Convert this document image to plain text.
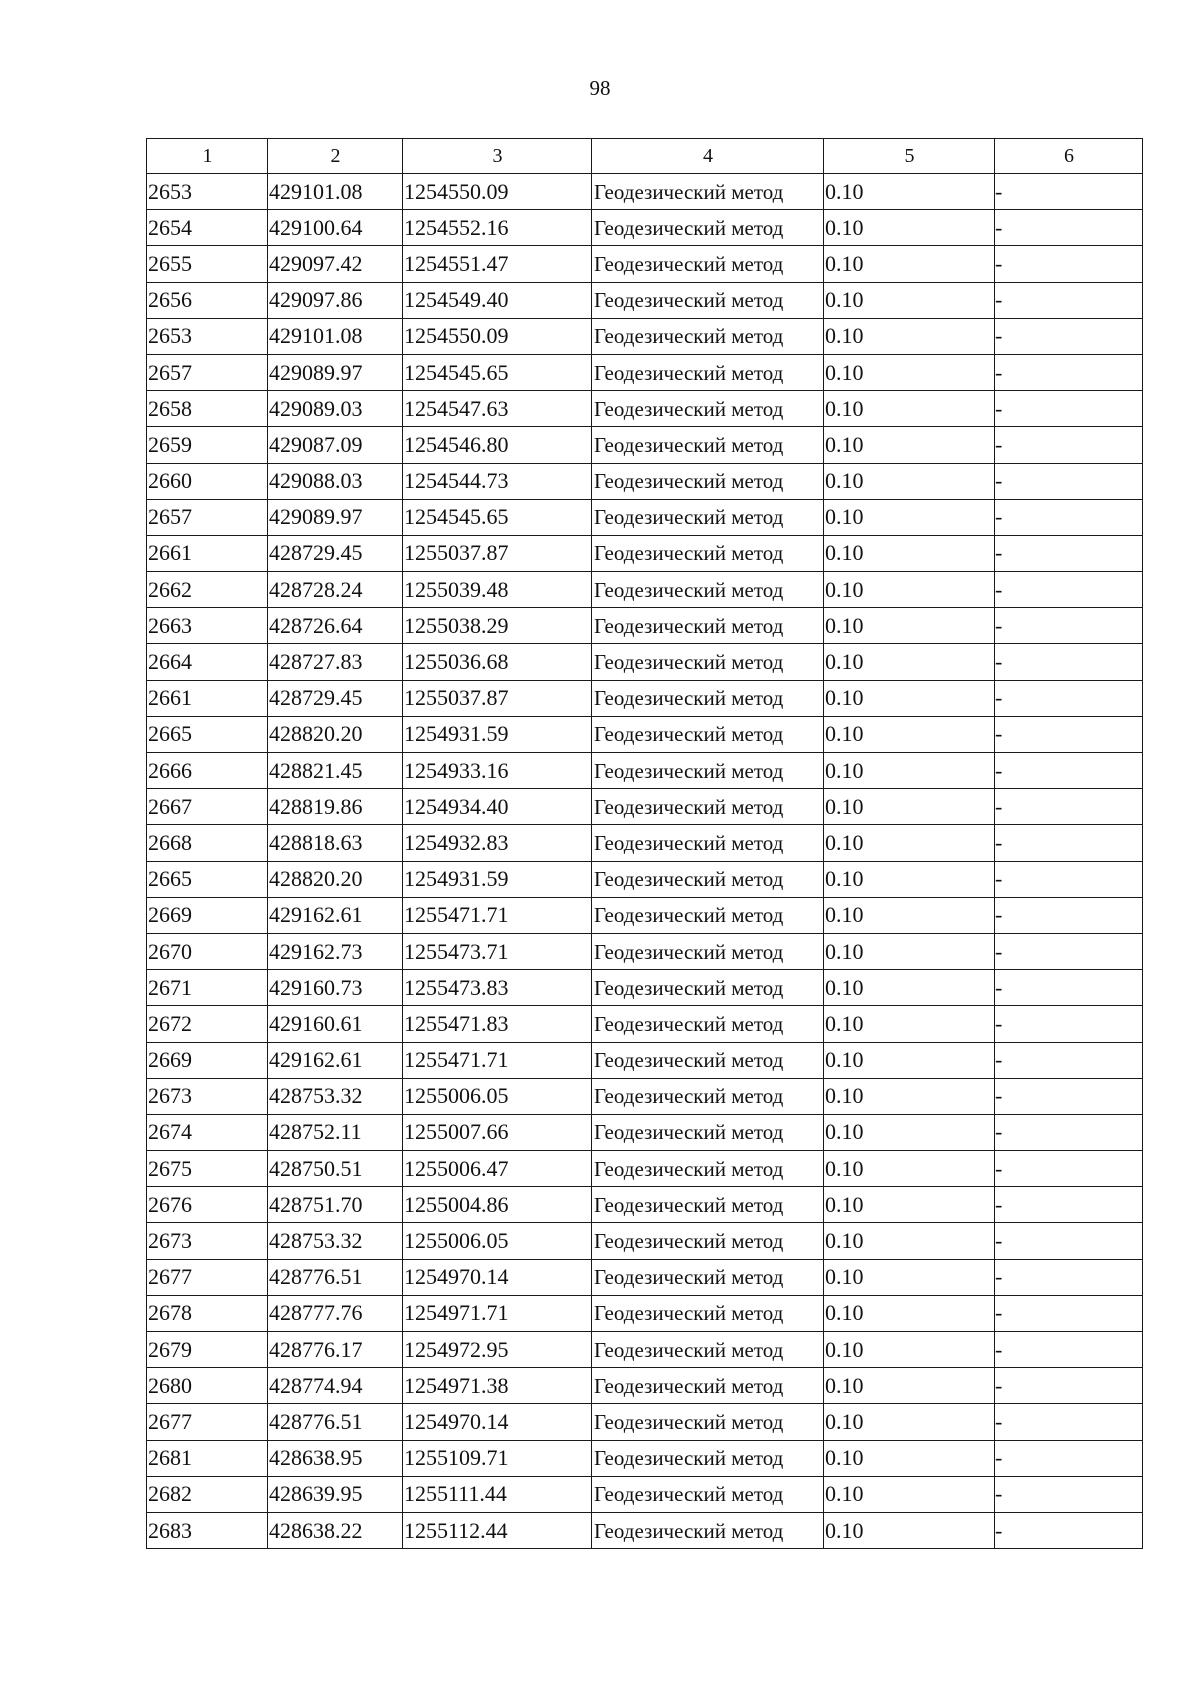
98
1	2	3	4	5	6
2653	429101.08	1254550.09	Геодезический метод	0.10	-
2654	429100.64	1254552.16	Геодезический метод	0.10	-
2655	429097.42	1254551.47	Геодезический метод	0.10	-
2656	429097.86	1254549.40	Геодезический метод	0.10	-
2653	429101.08	1254550.09	Геодезический метод	0.10	-
2657	429089.97	1254545.65	Геодезический метод	0.10	-
2658	429089.03	1254547.63	Геодезический метод	0.10	-
2659	429087.09	1254546.80	Геодезический метод	0.10	-
2660	429088.03	1254544.73	Геодезический метод	0.10	-
2657	429089.97	1254545.65	Геодезический метод	0.10	-
2661	428729.45	1255037.87	Геодезический метод	0.10	-
2662	428728.24	1255039.48	Геодезический метод	0.10	-
2663	428726.64	1255038.29	Геодезический метод	0.10	-
2664	428727.83	1255036.68	Геодезический метод	0.10	-
2661	428729.45	1255037.87	Геодезический метод	0.10	-
2665	428820.20	1254931.59	Геодезический метод	0.10	-
2666	428821.45	1254933.16	Геодезический метод	0.10	-
2667	428819.86	1254934.40	Геодезический метод	0.10	-
2668	428818.63	1254932.83	Геодезический метод	0.10	-
2665	428820.20	1254931.59	Геодезический метод	0.10	-
2669	429162.61	1255471.71	Геодезический метод	0.10	-
2670	429162.73	1255473.71	Геодезический метод	0.10	-
2671	429160.73	1255473.83	Геодезический метод	0.10	-
2672	429160.61	1255471.83	Геодезический метод	0.10	-
2669	429162.61	1255471.71	Геодезический метод	0.10	-
2673	428753.32	1255006.05	Геодезический метод	0.10	-
2674	428752.11	1255007.66	Геодезический метод	0.10	-
2675	428750.51	1255006.47	Геодезический метод	0.10	-
2676	428751.70	1255004.86	Геодезический метод	0.10	-
2673	428753.32	1255006.05	Геодезический метод	0.10	-
2677	428776.51	1254970.14	Геодезический метод	0.10	-
2678	428777.76	1254971.71	Геодезический метод	0.10	-
2679	428776.17	1254972.95	Геодезический метод	0.10	-
2680	428774.94	1254971.38	Геодезический метод	0.10	-
2677	428776.51	1254970.14	Геодезический метод	0.10	-
2681	428638.95	1255109.71	Геодезический метод	0.10	-
2682	428639.95	1255111.44	Геодезический метод	0.10	-
2683	428638.22	1255112.44	Геодезический метод	0.10	-
